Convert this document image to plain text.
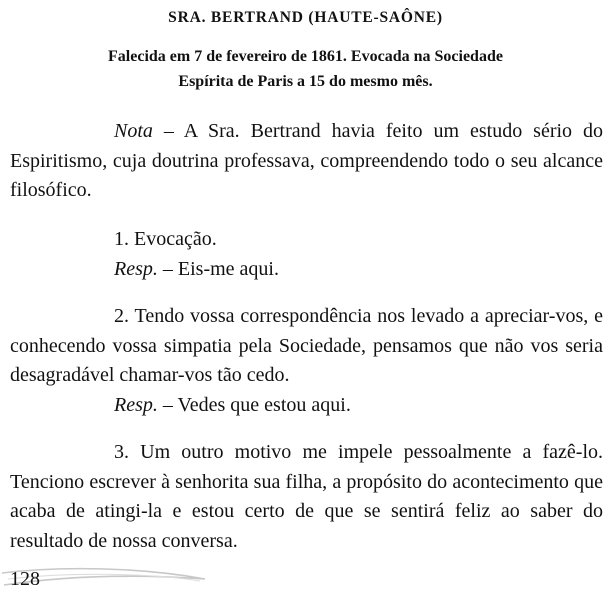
SRA. BERTRAND (HAUTE-SAÔNE)
Falecida em 7 de fevereiro de 1861. Evocada na Sociedade
Espírita de Paris a 15 do mesmo mês.

Nota – A Sra. Bertrand havia feito um estudo sério do Espiritismo, cuja doutrina professava, compreendendo todo o seu alcance filosófico.

1. Evocação.
Resp. – Eis-me aqui.

2. Tendo vossa correspondência nos levado a apreciar-vos, e conhecendo vossa simpatia pela Sociedade, pensamos que não vos seria desagradável chamar-vos tão cedo.

Resp. – Vedes que estou aqui.

3. Um outro motivo me impele pessoalmente a fazê-lo. Tenciono escrever à senhorita sua filha, a propósito do acontecimento que acaba de atingi-la e estou certo de que se sentirá feliz ao saber do resultado de nossa conversa.

128
